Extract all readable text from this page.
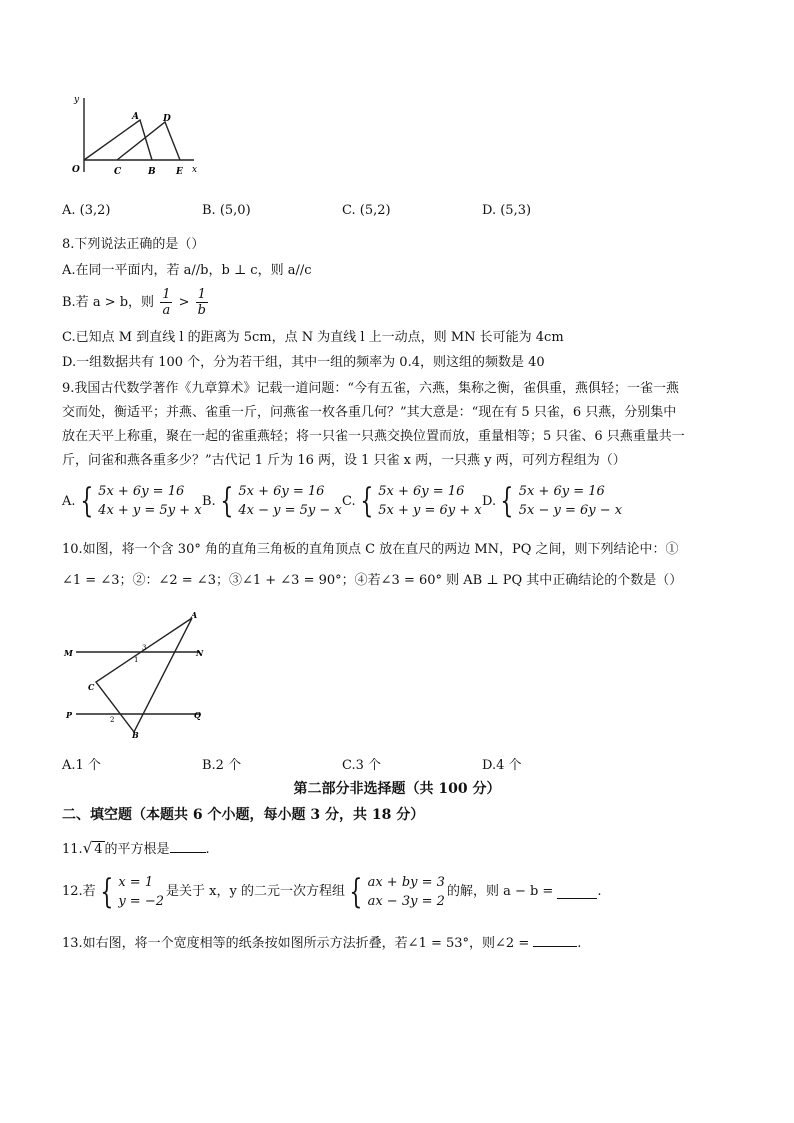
y
x
O
A
B
C
D
E
A. (3,2)	B. (5,0)	C. (5,2)	D. (5,3)
8.下列说法正确的是（）
A.在同一平面内，若 a//b，b ⊥ c，则 a//c
B.若 a > b，则 $\frac{1}{a} > \frac{1}{b}$
C.已知点 M 到直线 l 的距离为 5cm，点 N 为直线 l 上一动点，则 MN 长可能为 4cm
D.一组数据共有 100 个，分为若干组，其中一组的频率为 0.4，则这组的频数是 40
9.我国古代数学著作《九章算术》记载一道问题：“今有五雀，六燕，集称之衡，雀俱重，燕俱轻；一雀一燕
交而处，衡适平；并燕、雀重一斤，问燕雀一枚各重几何？”其大意是：“现在有 5 只雀，6 只燕，分别集中
放在天平上称重，聚在一起的雀重燕轻；将一只雀一只燕交换位置而放，重量相等；5 只雀、6 只燕重量共一
斤，问雀和燕各重多少？”古代记 1 斤为 16 两，设 1 只雀 x 两，一只燕 y 两，可列方程组为（）
A. { 5x + 6y = 16
4x + y = 5y + x
B. { 5x + 6y = 16
4x − y = 5y − x
C. { 5x + 6y = 16
5x + y = 6y + x
D. { 5x + 6y = 16
5x − y = 6y − x
10.如图，将一个含 30° 角的直角三角板的直角顶点 C 放在直尺的两边 MN，PQ 之间，则下列结论中：①
∠1 = ∠3；②：∠2 = ∠3；③∠1 + ∠3 = 90°；④若∠3 = 60° 则 AB ⊥ PQ 其中正确结论的个数是（）
A
M	N
C
P	Q
B
1
3
2
A.1 个	B.2 个	C.3 个	D.4 个
第二部分非选择题（共 100 分）
二、填空题（本题共 6 个小题，每小题 3 分，共 18 分）
11.√ 4 的平方根是	.
12.若 { x = 1
y = −2
是关于 x，y 的二元一次方程组 { ax + by = 3
ax − 3y = 2
的解，则 a − b =	.
13.如右图，将一个宽度相等的纸条按如图所示方法折叠，若∠1 = 53°，则∠2 =	.
